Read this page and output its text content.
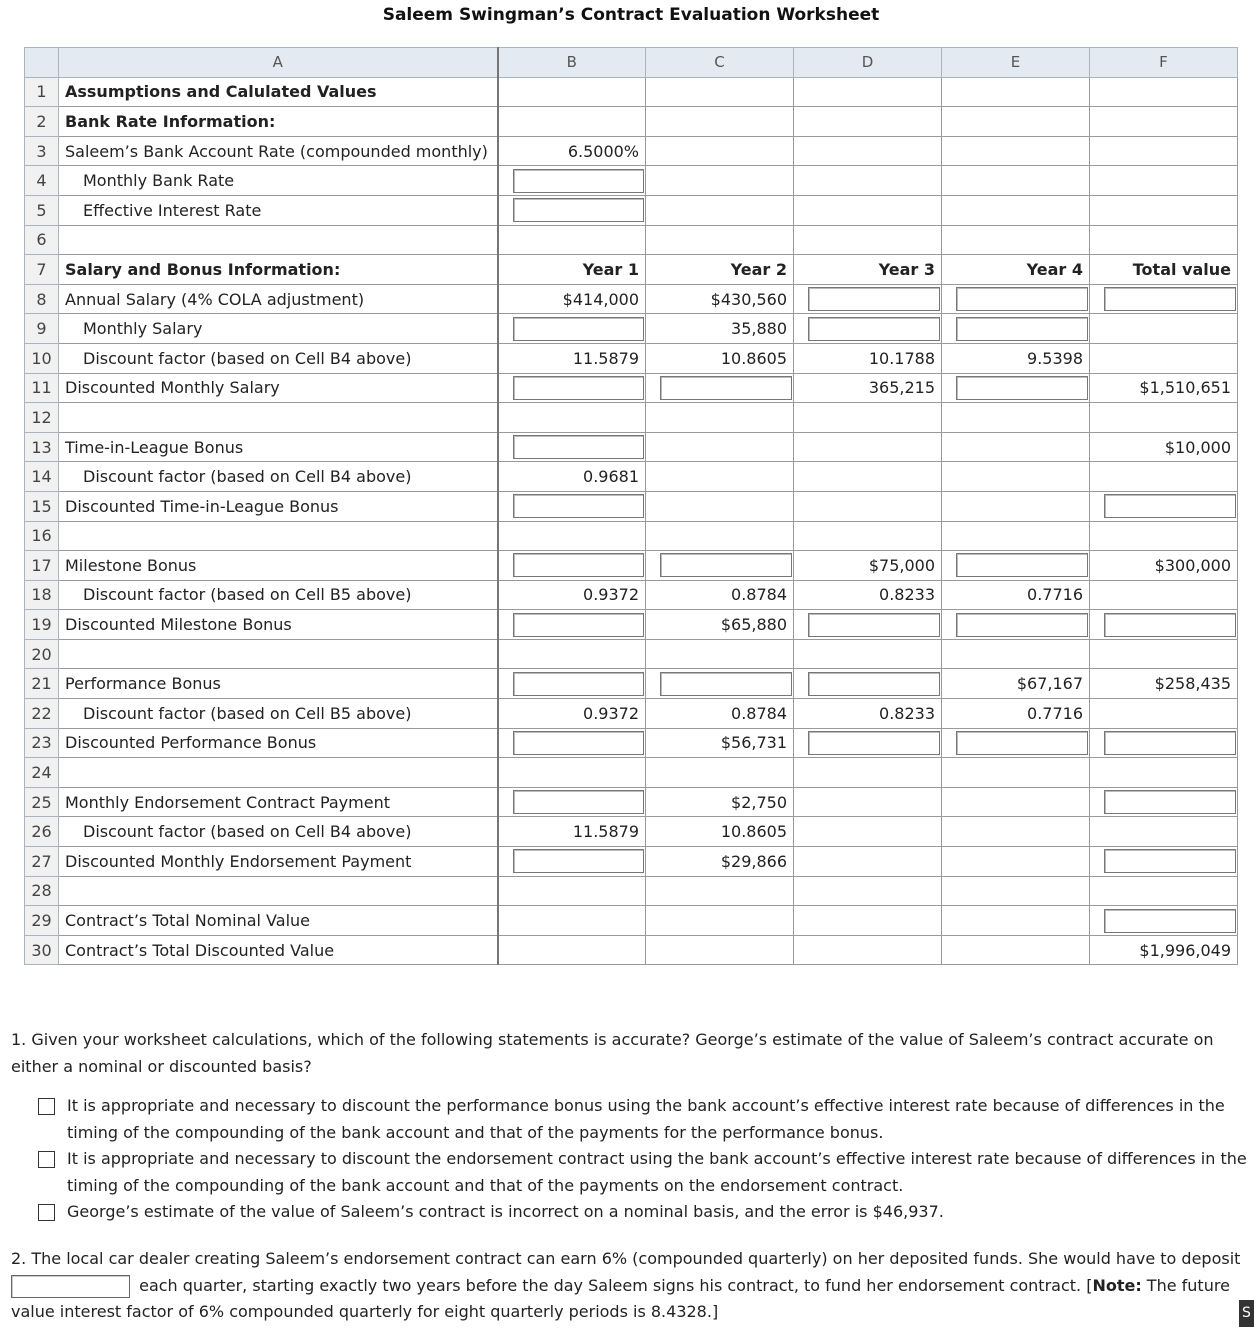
Saleem Swingman’s Contract Evaluation Worksheet
	A	B	C	D	E	F
1	Assumptions and Calulated Values					
2	Bank Rate Information:					
3	Saleem’s Bank Account Rate (compounded monthly)	6.5000%				
4	Monthly Bank Rate	

5	Effective Interest Rate	

6						
7	Salary and Bonus Information:	Year 1	Year 2	Year 3	Year 4	Total value
8	Annual Salary (4% COLA adjustment)	$414,000	$430,560	

9	Monthly Salary		35,880	

10	Discount factor (based on Cell B4 above)	11.5879	10.8605	10.1788	9.5398	
11	Discounted Monthly Salary			365,215		$1,510,651
12						
13	Time-in-League Bonus					$10,000
14	Discount factor (based on Cell B4 above)	0.9681				
15	Discounted Time-in-League Bonus	

16						
17	Milestone Bonus			$75,000		$300,000
18	Discount factor (based on Cell B5 above)	0.9372	0.8784	0.8233	0.7716	
19	Discounted Milestone Bonus		$65,880	

20						
21	Performance Bonus				$67,167	$258,435
22	Discount factor (based on Cell B5 above)	0.9372	0.8784	0.8233	0.7716	
23	Discounted Performance Bonus		$56,731	

24						
25	Monthly Endorsement Contract Payment		$2,750			

26	Discount factor (based on Cell B4 above)	11.5879	10.8605			
27	Discounted Monthly Endorsement Payment		$29,866			

28						
29	Contract’s Total Nominal Value					

30	Contract’s Total Discounted Value					$1,996,049
1. Given your worksheet calculations, which of the following statements is accurate? George’s estimate of the value of Saleem’s contract accurate on either a nominal or discounted basis?
It is appropriate and necessary to discount the performance bonus using the bank account’s effective interest rate because of differences in the timing of the compounding of the bank account and that of the payments for the performance bonus.
It is appropriate and necessary to discount the endorsement contract using the bank account’s effective interest rate because of differences in the timing of the compounding of the bank account and that of the payments on the endorsement contract.
George’s estimate of the value of Saleem’s contract is incorrect on a nominal basis, and the error is $46,937.
2. The local car dealer creating Saleem’s endorsement contract can earn 6% (compounded quarterly) on her deposited funds. She would have to deposit  each quarter, starting exactly two years before the day Saleem signs his contract, to fund her endorsement contract. [Note: The future value interest factor of 6% compounded quarterly for eight quarterly periods is 8.4328.]	S
